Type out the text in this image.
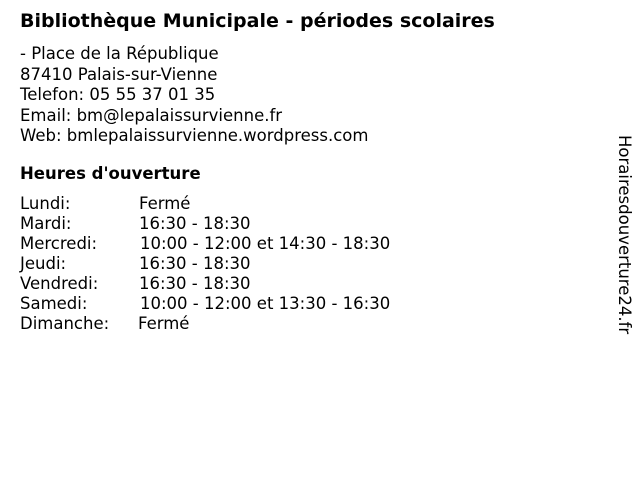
Bibliothèque Municipale - périodes scolaires
- Place de la République
87410 Palais-sur-Vienne
Telefon: 05 55 37 01 35
Email: bm@lepalaissurvienne.fr
Web: bmlepalaissurvienne.wordpress.com
Heures d'ouverture
Lundi:	Fermé
Mardi:	16:30 - 18:30
Mercredi:	10:00 - 12:00 et 14:30 - 18:30
Jeudi:	16:30 - 18:30
Vendredi: 16:30 - 18:30
Samedi:	10:00 - 12:00 et 13:30 - 16:30
Dimanche: Fermé	Horairesdouverture24.fr
